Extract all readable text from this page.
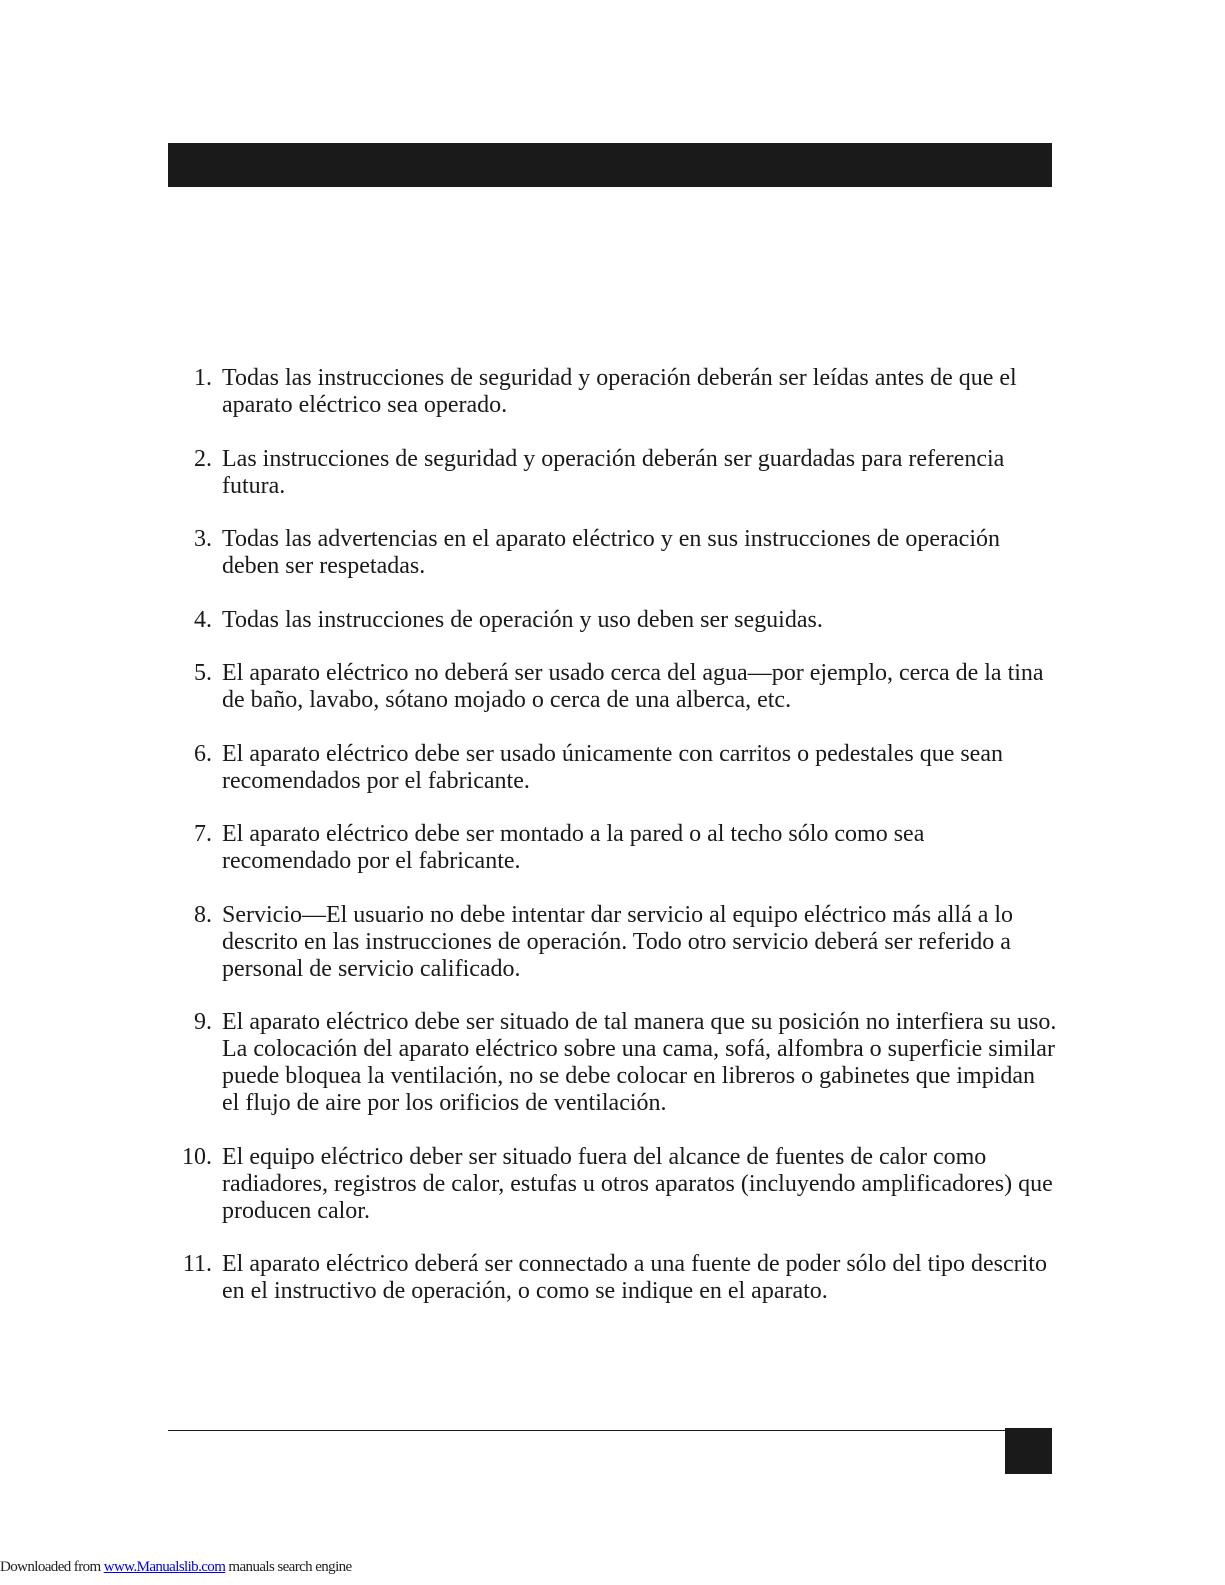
1. Todas las instrucciones de seguridad y operación deberán ser leídas antes de que el aparato eléctrico sea operado.
2. Las instrucciones de seguridad y operación deberán ser guardadas para referencia futura.
3. Todas las advertencias en el aparato eléctrico y en sus instrucciones de operación deben ser respetadas.
4. Todas las instrucciones de operación y uso deben ser seguidas.
5. El aparato eléctrico no deberá ser usado cerca del agua—por ejemplo, cerca de la tina de baño, lavabo, sótano mojado o cerca de una alberca, etc.
6. El aparato eléctrico debe ser usado únicamente con carritos o pedestales que sean recomendados por el fabricante.
7. El aparato eléctrico debe ser montado a la pared o al techo sólo como sea recomendado por el fabricante.
8. Servicio—El usuario no debe intentar dar servicio al equipo eléctrico más allá a lo descrito en las instrucciones de operación. Todo otro servicio deberá ser referido a personal de servicio calificado.
9. El aparato eléctrico debe ser situado de tal manera que su posición no interfiera su uso. La colocación del aparato eléctrico sobre una cama, sofá, alfombra o superficie similar puede bloquea la ventilación, no se debe colocar en libreros o gabinetes que impidan el flujo de aire por los orificios de ventilación.
10. El equipo eléctrico deber ser situado fuera del alcance de fuentes de calor como radiadores, registros de calor, estufas u otros aparatos (incluyendo amplificadores) que producen calor.
11. El aparato eléctrico deberá ser connectado a una fuente de poder sólo del tipo descrito en el instructivo de operación, o como se indique en el aparato.
Downloaded from www.Manualslib.com manuals search engine
